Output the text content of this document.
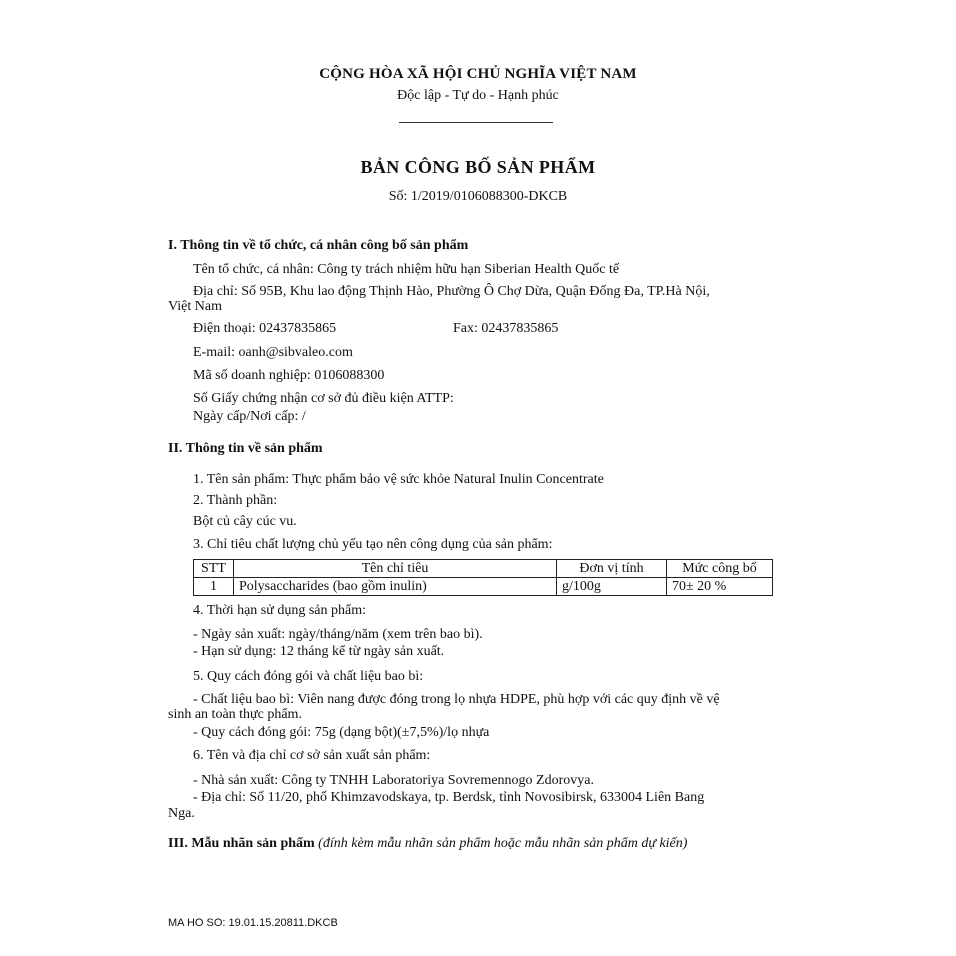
CỘNG HÒA XÃ HỘI CHỦ NGHĨA VIỆT NAM
Độc lập - Tự do - Hạnh phúc
BẢN CÔNG BỐ SẢN PHẨM
Số: 1/2019/0106088300-DKCB
I. Thông tin về tổ chức, cá nhân công bố sản phẩm
Tên tổ chức, cá nhân: Công ty trách nhiệm hữu hạn Siberian Health Quốc tế
Địa chỉ: Số 95B, Khu lao động Thịnh Hào, Phường Ô Chợ Dừa, Quận Đống Đa, TP.Hà Nội,
Việt Nam
Điện thoại: 02437835865	Fax: 02437835865
E-mail: oanh@sibvaleo.com
Mã số doanh nghiệp: 0106088300
Số Giấy chứng nhận cơ sở đủ điều kiện ATTP:
Ngày cấp/Nơi cấp: /
II. Thông tin về sản phẩm
1. Tên sản phẩm: Thực phẩm bảo vệ sức khỏe Natural Inulin Concentrate
2. Thành phần:
Bột củ cây cúc vu.
3. Chỉ tiêu chất lượng chủ yếu tạo nên công dụng của sản phẩm:
STT	Tên chỉ tiêu	Đơn vị tính	Mức công bố
1	Polysaccharides (bao gồm inulin)	g/100g	70± 20 %
4. Thời hạn sử dụng sản phẩm:
- Ngày sản xuất: ngày/tháng/năm (xem trên bao bì).
- Hạn sử dụng: 12 tháng kể từ ngày sản xuất.
5. Quy cách đóng gói và chất liệu bao bì:
- Chất liệu bao bì: Viên nang được đóng trong lọ nhựa HDPE, phù hợp với các quy định về vệ
sinh an toàn thực phẩm.
- Quy cách đóng gói: 75g (dạng bột)(±7,5%)/lọ nhựa
6. Tên và địa chỉ cơ sở sản xuất sản phẩm:
- Nhà sản xuất: Công ty TNHH Laboratoriya Sovremennogo Zdorovya.
- Địa chỉ: Số 11/20, phố Khimzavodskaya, tp. Berdsk, tỉnh Novosibirsk, 633004 Liên Bang
Nga.
III. Mẫu nhãn sản phẩm (đính kèm mẫu nhãn sản phẩm hoặc mẫu nhãn sản phẩm dự kiến)
MA HO SO: 19.01.15.20811.DKCB
